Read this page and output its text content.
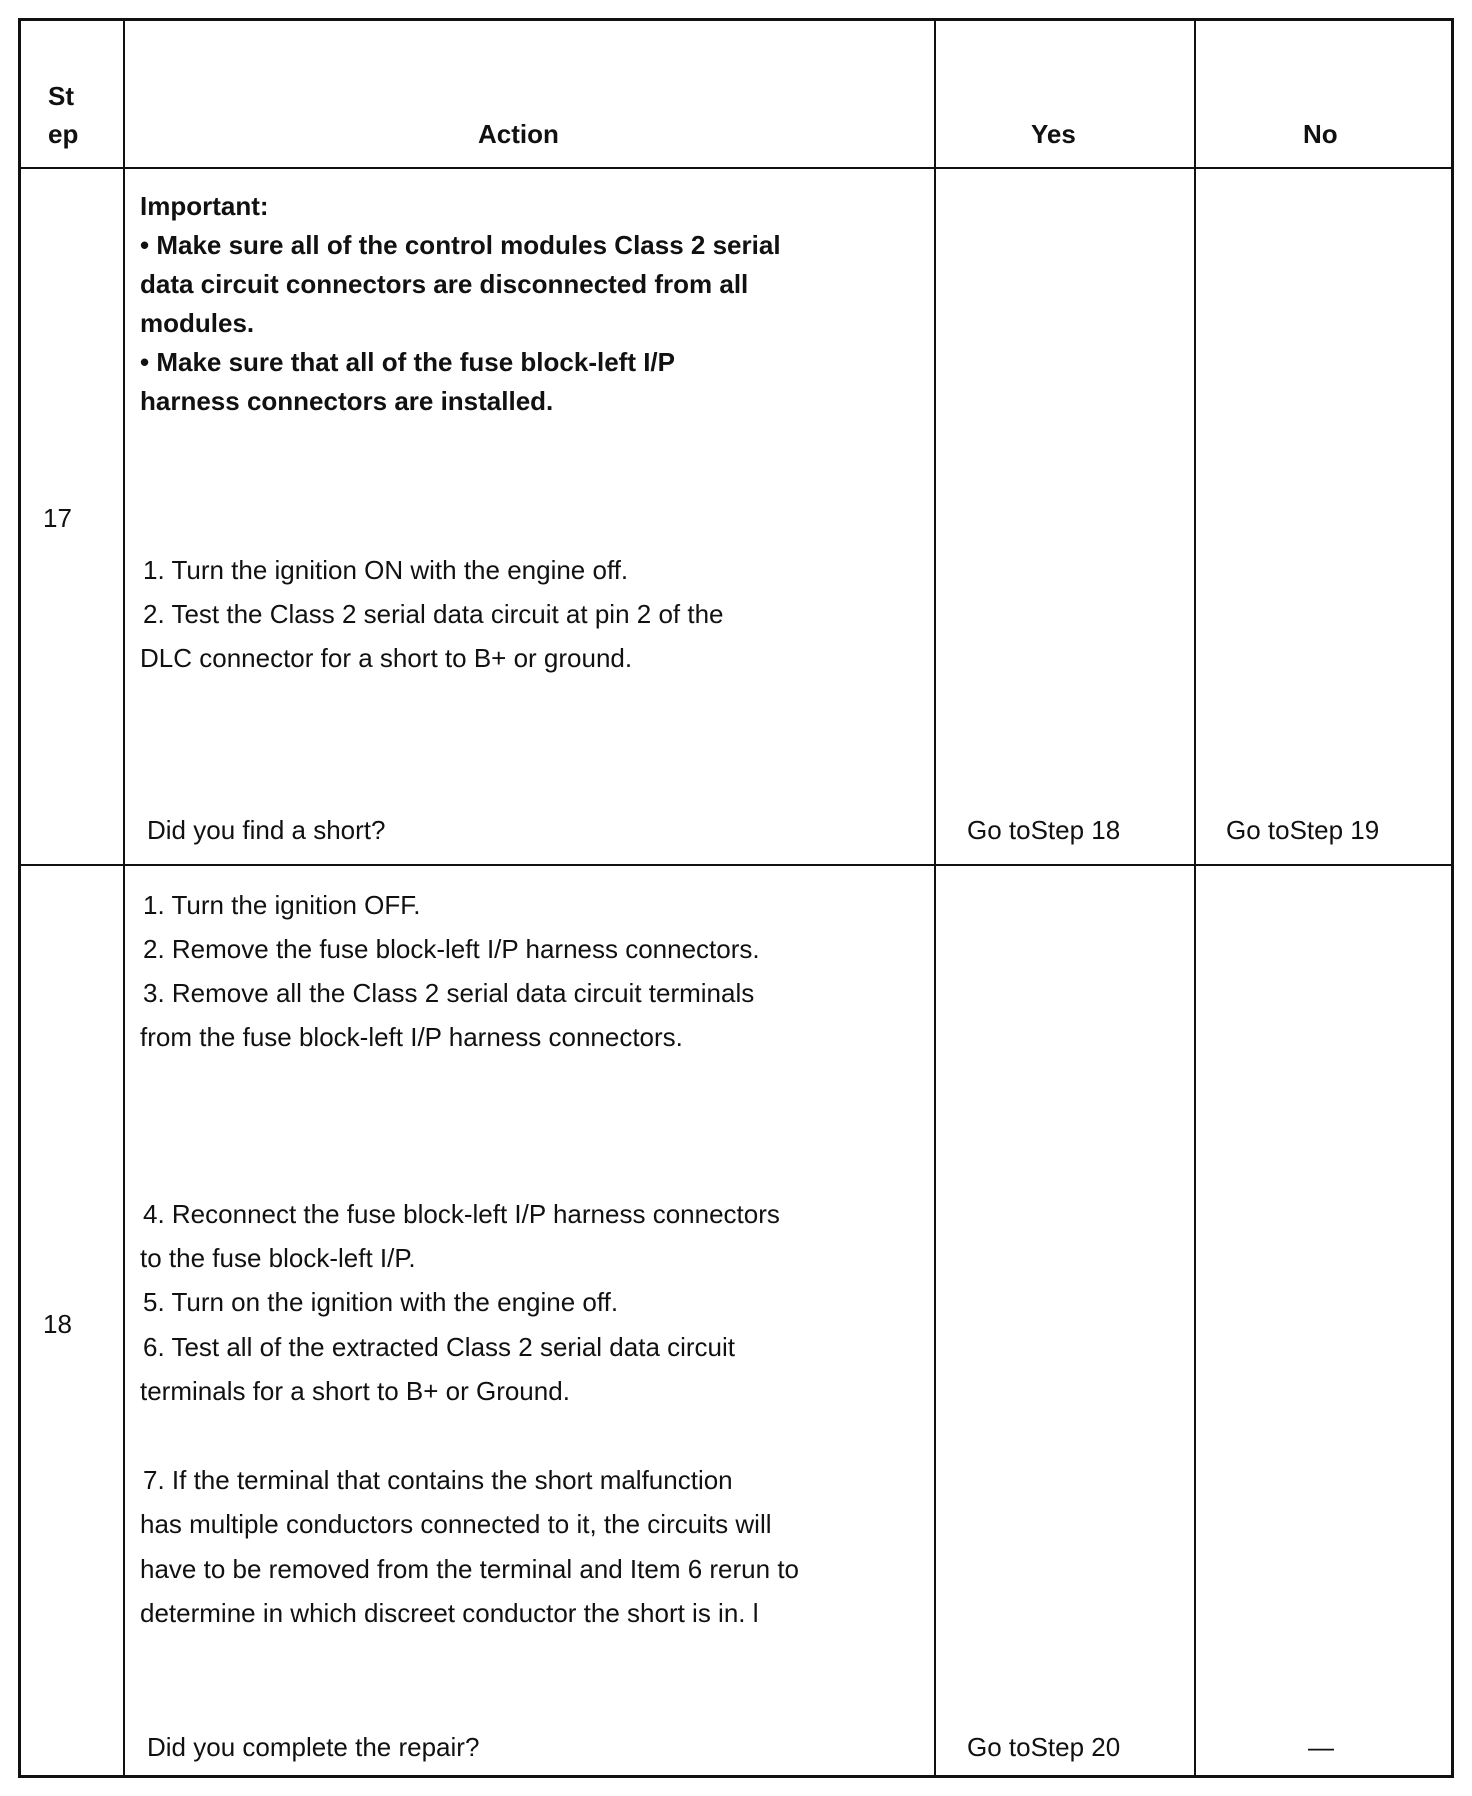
St
ep	Action	Yes	No
17
Important:
• Make sure all of the control modules Class 2 serial
data circuit connectors are disconnected from all
modules.
• Make sure that all of the fuse block-left I/P
harness connectors are installed.
1. Turn the ignition ON with the engine off.
2. Test the Class 2 serial data circuit at pin 2 of the
DLC connector for a short to B+ or ground.
Did you find a short?	Go toStep 18	Go toStep 19
18
1. Turn the ignition OFF.
2. Remove the fuse block-left I/P harness connectors.
3. Remove all the Class 2 serial data circuit terminals
from the fuse block-left I/P harness connectors.
4. Reconnect the fuse block-left I/P harness connectors
to the fuse block-left I/P.
5. Turn on the ignition with the engine off.
6. Test all of the extracted Class 2 serial data circuit
terminals for a short to B+ or Ground.
7. If the terminal that contains the short malfunction
has multiple conductors connected to it, the circuits will
have to be removed from the terminal and Item 6 rerun to
determine in which discreet conductor the short is in. l
Did you complete the repair?	Go toStep 20	—
